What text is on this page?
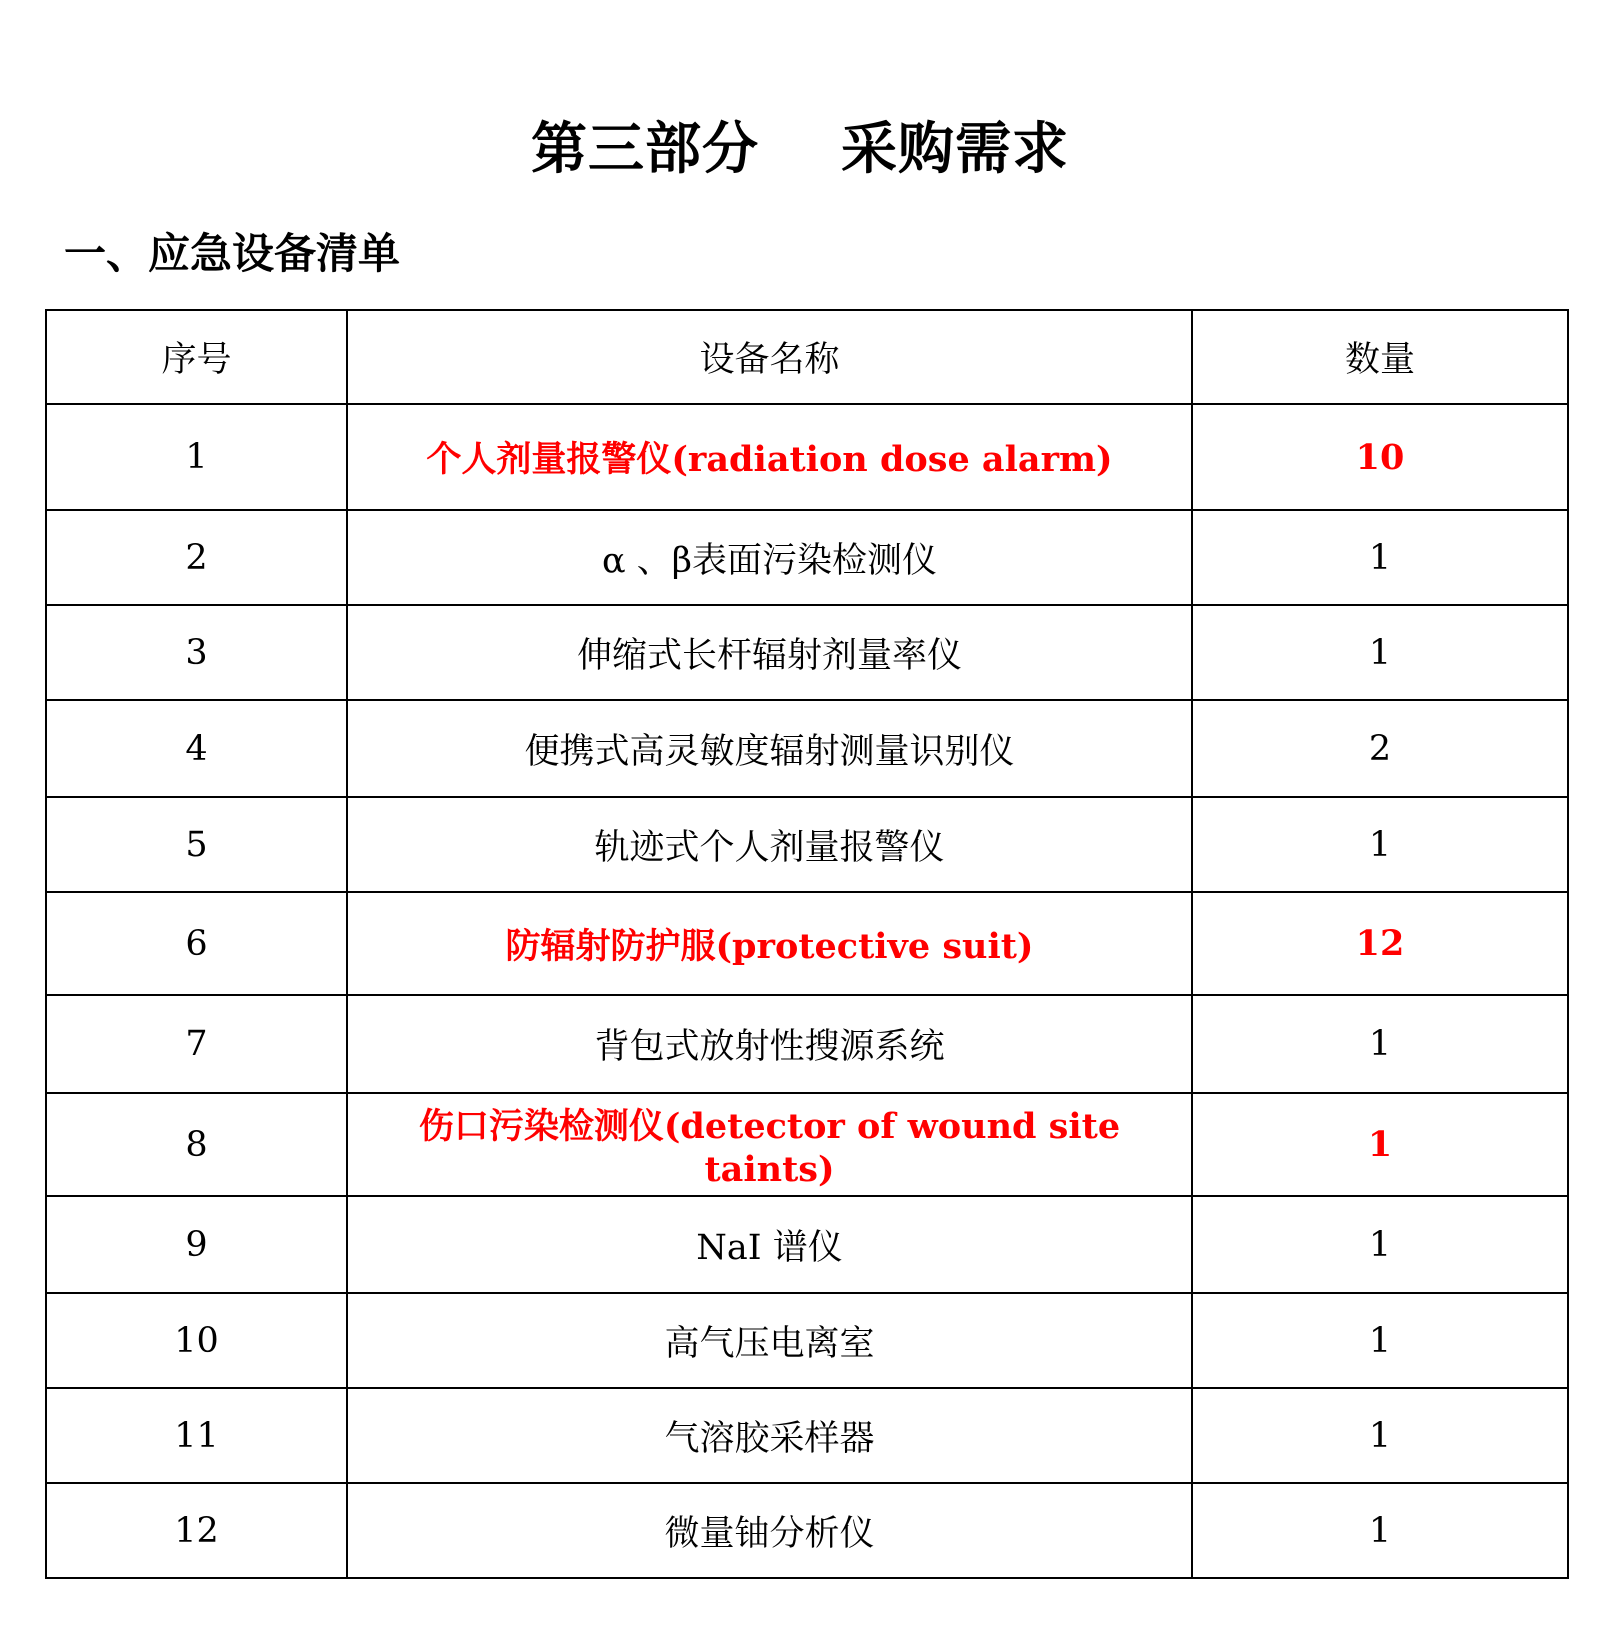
第三部分    采购需求
一、应急设备清单
序号	设备名称	数量
1	个人剂量报警仪(radiation dose alarm)	10
2	α 、β表面污染检测仪	1
3	伸缩式长杆辐射剂量率仪	1
4	便携式高灵敏度辐射测量识别仪	2
5	轨迹式个人剂量报警仪	1
6	防辐射防护服(protective suit)	12
7	背包式放射性搜源系统	1
8	伤口污染检测仪(detector of wound site taints)	1
9	NaI 谱仪	1
10	高气压电离室	1
11	气溶胶采样器	1
12	微量铀分析仪	1
